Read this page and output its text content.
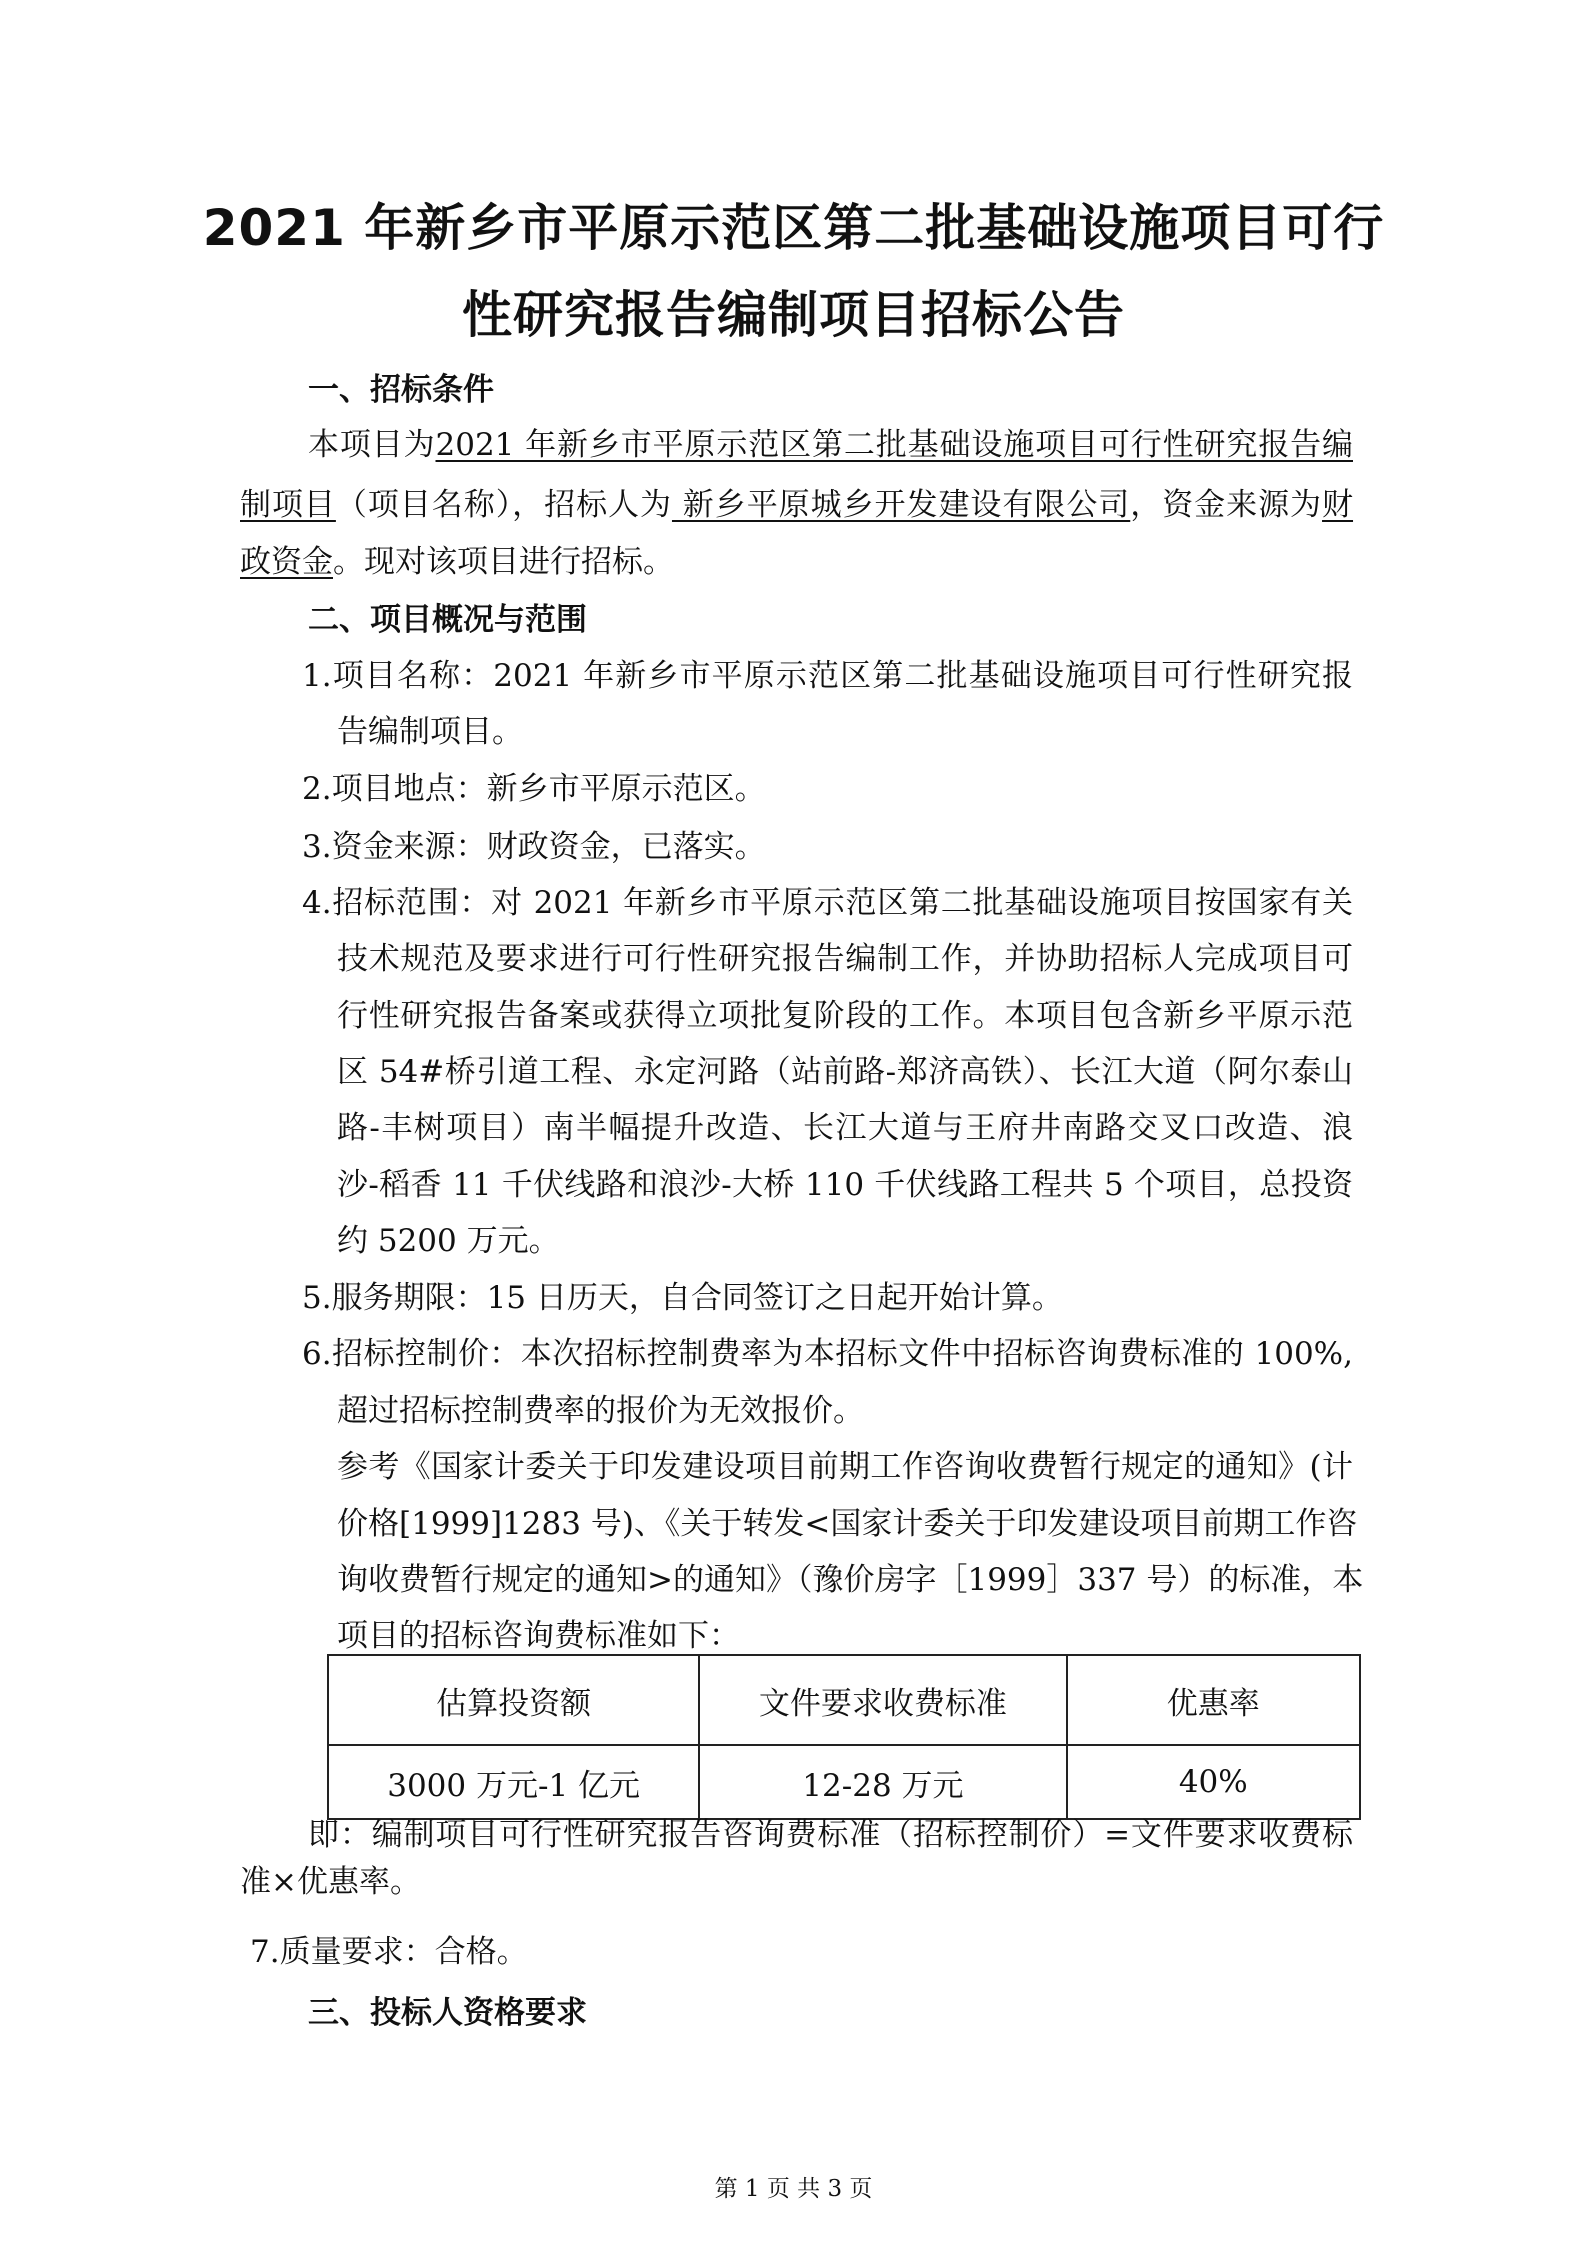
2021 年新乡市平原示范区第二批基础设施项目可行
性研究报告编制项目招标公告
一、招标条件
本项目为2021 年新乡市平原示范区第二批基础设施项目可行性研究报告编
制项目（项目名称），招标人为 新乡平原城乡开发建设有限公司，资金来源为财
政资金。现对该项目进行招标。
二、项目概况与范围
1.项目名称：2021 年新乡市平原示范区第二批基础设施项目可行性研究报
告编制项目。
2.项目地点：新乡市平原示范区。
3.资金来源：财政资金，已落实。
4.招标范围：对 2021 年新乡市平原示范区第二批基础设施项目按国家有关
技术规范及要求进行可行性研究报告编制工作，并协助招标人完成项目可
行性研究报告备案或获得立项批复阶段的工作。本项目包含新乡平原示范
区 54#桥引道工程、永定河路（站前路-郑济高铁）、长江大道（阿尔泰山
路-丰树项目）南半幅提升改造、长江大道与王府井南路交叉口改造、浪
沙-稻香 11 千伏线路和浪沙-大桥 110 千伏线路工程共 5 个项目，总投资
约 5200 万元。
5.服务期限：15 日历天，自合同签订之日起开始计算。
6.招标控制价：本次招标控制费率为本招标文件中招标咨询费标准的 100%,
超过招标控制费率的报价为无效报价。
参考《国家计委关于印发建设项目前期工作咨询收费暂行规定的通知》(计
价格[1999]1283 号)、《关于转发<国家计委关于印发建设项目前期工作咨
询收费暂行规定的通知>的通知》（豫价房字［1999］337 号）的标准，本
项目的招标咨询费标准如下：
估算投资额	文件要求收费标准	优惠率
3000 万元-1 亿元	12-28 万元	40%
即：编制项目可行性研究报告咨询费标准（招标控制价）=文件要求收费标
准×优惠率。
7.质量要求：合格。
三、投标人资格要求
第 1 页 共 3 页
